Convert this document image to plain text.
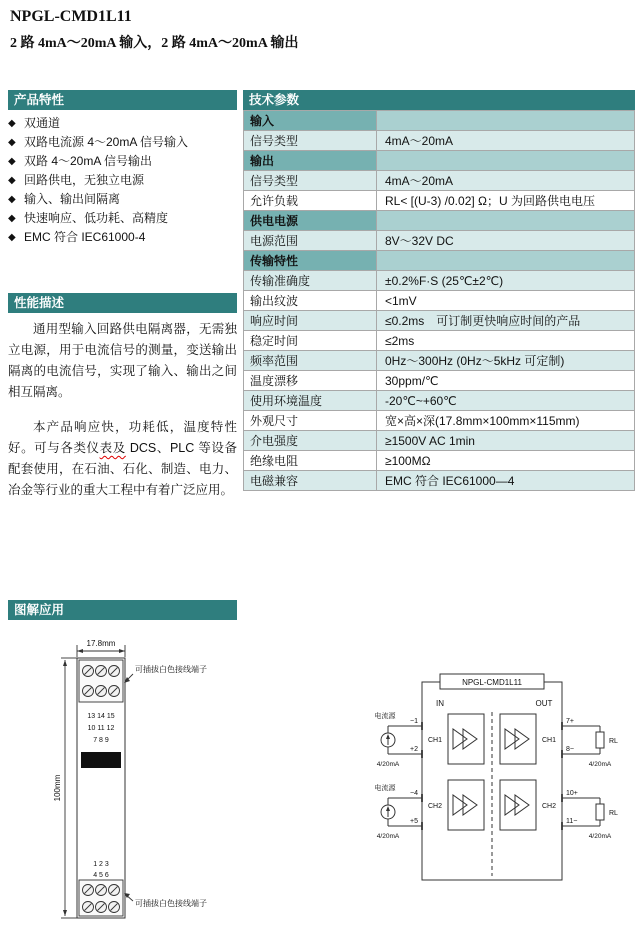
NPGL-CMD1L11
2 路 4mA～20mA 输入，2 路 4mA～20mA 输出
产品特性
◆ 双通道
◆ 双路电流源 4～20mA 信号输入
◆ 双路 4～20mA 信号输出
◆ 回路供电，无独立电源
◆ 输入、输出间隔离
◆ 快速响应、低功耗、高精度
◆ EMC 符合 IEC61000-4
性能描述

通用型输入回路供电隔离器，无需独立电源，用于电流信号的测量，变送输出隔离的电流信号，实现了输入、输出之间相互隔离。

本产品响应快，功耗低，温度特性好。可与各类仪表及 DCS、PLC 等设备配套使用，在石油、石化、制造、电力、冶金等行业的重大工程中有着广泛应用。

技术参数
输入
信号类型	4mA～20mA
输出
信号类型	4mA～20mA
允许负载	RL< [(U-3) /0.02] Ω；U 为回路供电电压
供电电源
电源范围	8V～32V DC
传输特性
传输准确度	±0.2%F·S (25℃±2℃)
输出纹波	<1mV
响应时间	≤0.2ms　可订制更快响应时间的产品
稳定时间	≤2ms
频率范围	0Hz～300Hz (0Hz～5kHz 可定制)
温度漂移	30ppm/℃
使用环境温度	-20℃~+60℃
外观尺寸	宽×高×深(17.8mm×100mm×115mm)
介电强度	≥1500V AC 1min
绝缘电阻	≥100MΩ
电磁兼容	EMC 符合 IEC61000—4
图解应用
17.8mm
13 14 15
10 11 12
7 8 9
NaPm
1 2 3
4 5 6
100mm
可插拔白色接线端子
可插拔白色接线端子
NPGL-CMD1L11
IN	OUT
CH1	CH1
CH2	CH2
电流源
4/20mA
−1
+2
电流源
4/20mA
−4
+5
RL
4/20mA
7+
8−
RL
4/20mA
10+
11−
